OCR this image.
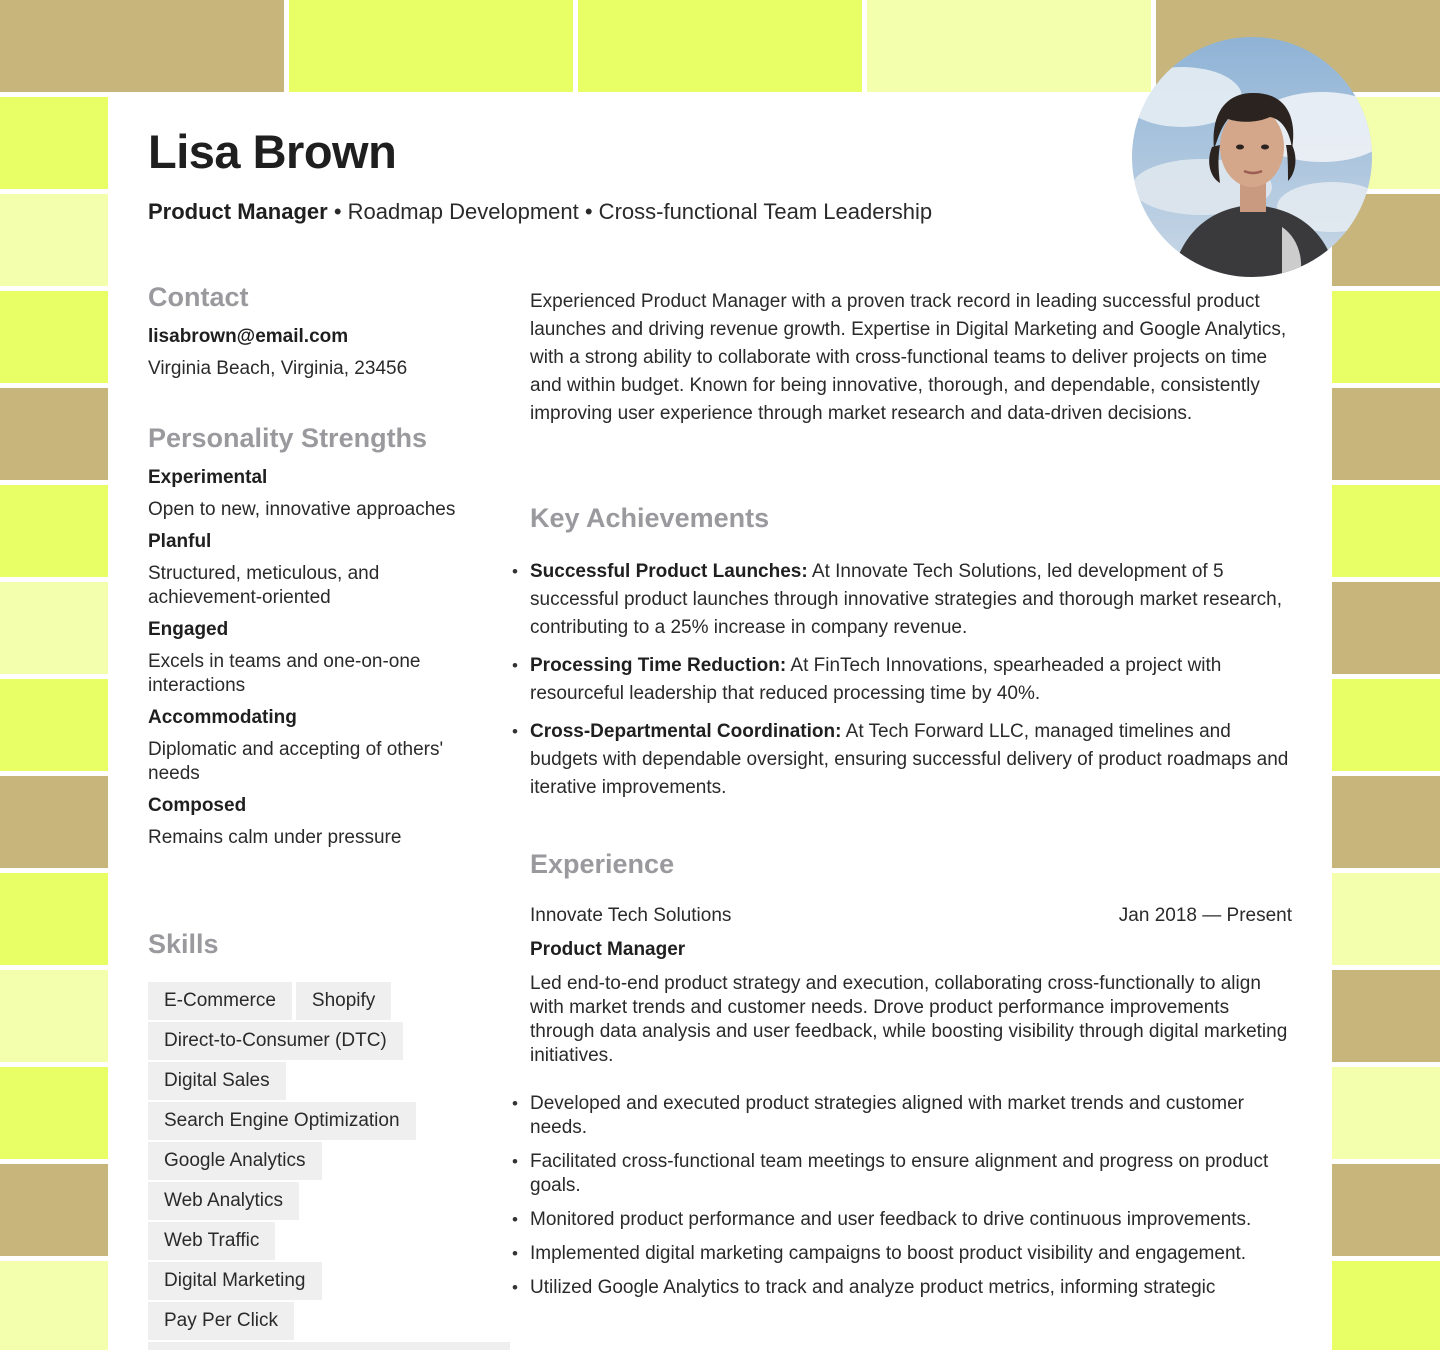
Lisa Brown
Product Manager • Roadmap Development • Cross-functional Team Leadership
Contact
lisabrown@email.com
Virginia Beach, Virginia, 23456
Personality Strengths
Experimental
Open to new, innovative approaches
Planful
Structured, meticulous, and achievement-oriented
Engaged
Excels in teams and one-on-one interactions
Accommodating
Diplomatic and accepting of others' needs
Composed
Remains calm under pressure
Skills
E-Commerce Shopify
Direct-to-Consumer (DTC)
Digital Sales
Search Engine Optimization
Google Analytics
Web Analytics
Web Traffic
Digital Marketing
Pay Per Click
Experienced Product Manager with a proven track record in leading successful product launches and driving revenue growth. Expertise in Digital Marketing and Google Analytics, with a strong ability to collaborate with cross-functional teams to deliver projects on time and within budget. Known for being innovative, thorough, and dependable, consistently improving user experience through market research and data-driven decisions.
Key Achievements
• Successful Product Launches: At Innovate Tech Solutions, led development of 5 successful product launches through innovative strategies and thorough market research, contributing to a 25% increase in company revenue.
• Processing Time Reduction: At FinTech Innovations, spearheaded a project with resourceful leadership that reduced processing time by 40%.
• Cross-Departmental Coordination: At Tech Forward LLC, managed timelines and budgets with dependable oversight, ensuring successful delivery of product roadmaps and iterative improvements.
Experience
Innovate Tech Solutions	Jan 2018 — Present
Product Manager
Led end-to-end product strategy and execution, collaborating cross-functionally to align with market trends and customer needs. Drove product performance improvements through data analysis and user feedback, while boosting visibility through digital marketing initiatives.
• Developed and executed product strategies aligned with market trends and customer needs.
• Facilitated cross-functional team meetings to ensure alignment and progress on product goals.
• Monitored product performance and user feedback to drive continuous improvements.
• Implemented digital marketing campaigns to boost product visibility and engagement.
• Utilized Google Analytics to track and analyze product metrics, informing strategic
